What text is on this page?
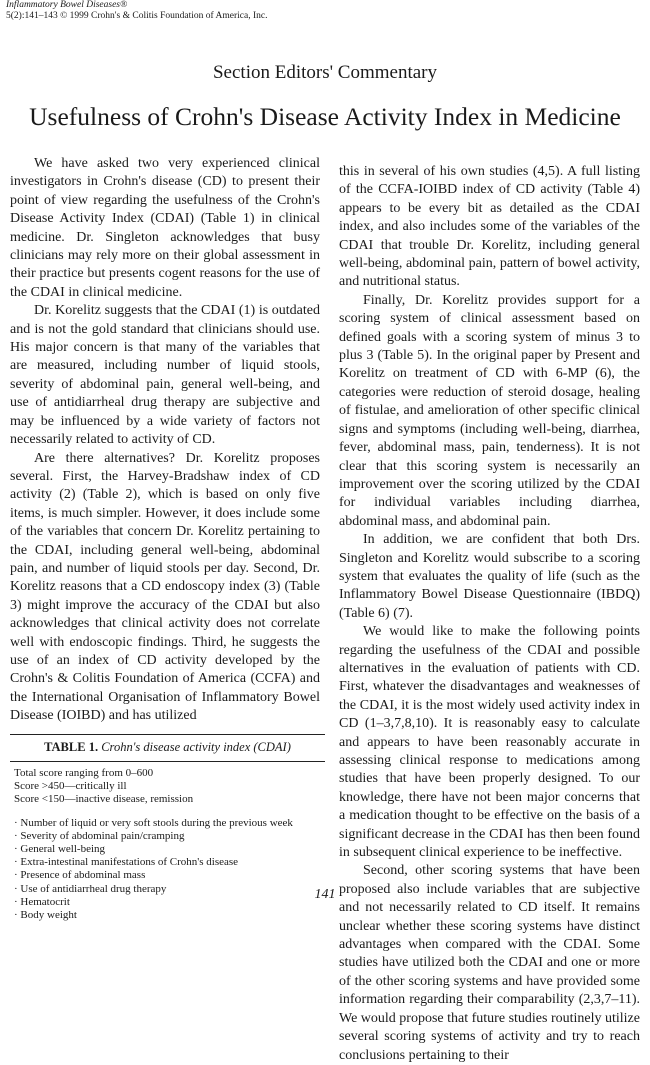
Inflammatory Bowel Diseases®
5(2):141–143 © 1999 Crohn's & Colitis Foundation of America, Inc.
Section Editors' Commentary
Usefulness of Crohn's Disease Activity Index in Medicine

We have asked two very experienced clinical investigators in Crohn's disease (CD) to present their point of view regarding the usefulness of the Crohn's Disease Activity Index (CDAI) (Table 1) in clinical medicine. Dr. Singleton acknowledges that busy clinicians may rely more on their global assessment in their practice but presents cogent reasons for the use of the CDAI in clinical medicine.

Dr. Korelitz suggests that the CDAI (1) is outdated and is not the gold standard that clinicians should use. His major concern is that many of the variables that are measured, including number of liquid stools, severity of abdominal pain, general well-being, and use of antidiarrheal drug therapy are subjective and may be influenced by a wide variety of factors not necessarily related to activity of CD.

Are there alternatives? Dr. Korelitz proposes several. First, the Harvey-Bradshaw index of CD activity (2) (Table 2), which is based on only five items, is much simpler. However, it does include some of the variables that concern Dr. Korelitz pertaining to the CDAI, including general well-being, abdominal pain, and number of liquid stools per day. Second, Dr. Korelitz reasons that a CD endoscopy index (3) (Table 3) might improve the accuracy of the CDAI but also acknowledges that clinical activity does not correlate well with endoscopic findings. Third, he suggests the use of an index of CD activity developed by the Crohn's & Colitis Foundation of America (CCFA) and the International Organisation of Inflammatory Bowel Disease (IOIBD) and has utilized

TABLE 1. Crohn's disease activity index (CDAI)
Total score ranging from 0–600
Score >450—critically ill
Score <150—inactive disease, remission
· Number of liquid or very soft stools during the previous week
· Severity of abdominal pain/cramping
· General well-being
· Extra-intestinal manifestations of Crohn's disease
· Presence of abdominal mass
· Use of antidiarrheal drug therapy
· Hematocrit
· Body weight

this in several of his own studies (4,5). A full listing of the CCFA-IOIBD index of CD activity (Table 4) appears to be every bit as detailed as the CDAI index, and also includes some of the variables of the CDAI that trouble Dr. Korelitz, including general well-being, abdominal pain, pattern of bowel activity, and nutritional status.

Finally, Dr. Korelitz provides support for a scoring system of clinical assessment based on defined goals with a scoring system of minus 3 to plus 3 (Table 5). In the original paper by Present and Korelitz on treatment of CD with 6-MP (6), the categories were reduction of steroid dosage, healing of fistulae, and amelioration of other specific clinical signs and symptoms (including well-being, diarrhea, fever, abdominal mass, pain, tenderness). It is not clear that this scoring system is necessarily an improvement over the scoring utilized by the CDAI for individual variables including diarrhea, abdominal mass, and abdominal pain.

In addition, we are confident that both Drs. Singleton and Korelitz would subscribe to a scoring system that evaluates the quality of life (such as the Inflammatory Bowel Disease Questionnaire (IBDQ) (Table 6) (7).

We would like to make the following points regarding the usefulness of the CDAI and possible alternatives in the evaluation of patients with CD. First, whatever the disadvantages and weaknesses of the CDAI, it is the most widely used activity index in CD (1–3,7,8,10). It is reasonably easy to calculate and appears to have been reasonably accurate in assessing clinical response to medications among studies that have been properly designed. To our knowledge, there have not been major concerns that a medication thought to be effective on the basis of a significant decrease in the CDAI has then been found in subsequent clinical experience to be ineffective.

Second, other scoring systems that have been proposed also include variables that are subjective and not necessarily related to CD itself. It remains unclear whether these scoring systems have distinct advantages when compared with the CDAI. Some studies have utilized both the CDAI and one or more of the other scoring systems and have provided some information regarding their comparability (2,3,7–11). We would propose that future studies routinely utilize several scoring systems of activity and try to reach conclusions pertaining to their

141
